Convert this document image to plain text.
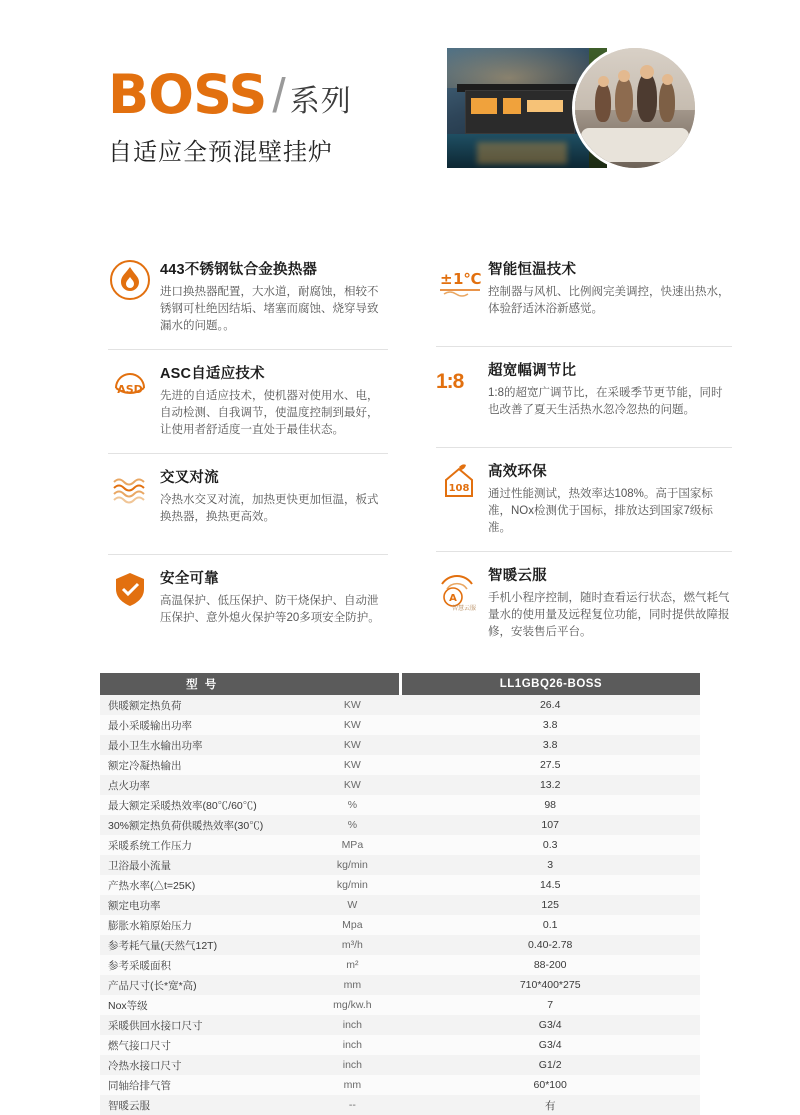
BOSS / 系列
自适应全预混壁挂炉
443不锈钢钛合金换热器
进口换热器配置，大水道，耐腐蚀，相较不锈钢可杜绝因结垢、堵塞而腐蚀、烧穿导致漏水的问题。。
ASD
ASC自适应技术
先进的自适应技术，使机器对使用水、电，自动检测、自我调节，使温度控制到最好，让使用者舒适度一直处于最佳状态。
交叉对流
冷热水交叉对流，加热更快更加恒温，板式换热器，换热更高效。
安全可靠
高温保护、低压保护、防干烧保护、自动泄压保护、意外熄火保护等20多项安全防护。
± 1℃ 智能恒温技术
控制器与风机、比例阀完美调控，快速出热水，体验舒适沐浴新感觉。
1:8	超宽幅调节比
1:8的超宽广调节比，在采暖季节更节能，同时也改善了夏天生活热水忽冷忽热的问题。
108
高效环保
通过性能测试，热效率达108%。高于国家标准，NOx检测优于国标，排放达到国家7级标准。
A
智慧云服
智暖云服
手机小程序控制，随时查看运行状态，燃气耗气量水的使用量及远程复位功能，同时提供故障报修，安装售后平台。
型 号		LL1GBQ26-BOSS
供暖额定热负荷	KW	26.4
最小采暖输出功率	KW	3.8
最小卫生水输出功率	KW	3.8
额定冷凝热输出	KW	27.5
点火功率	KW	13.2
最大额定采暖热效率(80℃/60℃)	%	98
30%额定热负荷供暖热效率(30℃)	%	107
采暖系统工作压力	MPa	0.3
卫浴最小流量	kg/min	3
产热水率(△t=25K)	kg/min	14.5
额定电功率	W	125
膨胀水箱原始压力	Mpa	0.1
参考耗气量(天然气12T)	m³/h	0.40-2.78
参考采暖面积	m²	88-200
产品尺寸(长*宽*高)	mm	710*400*275
Nox等级	mg/kw.h	7
采暖供回水接口尺寸	inch	G3/4
燃气接口尺寸	inch	G3/4
冷热水接口尺寸	inch	G1/2
同轴给排气管	mm	60*100
智暖云服	--	有
